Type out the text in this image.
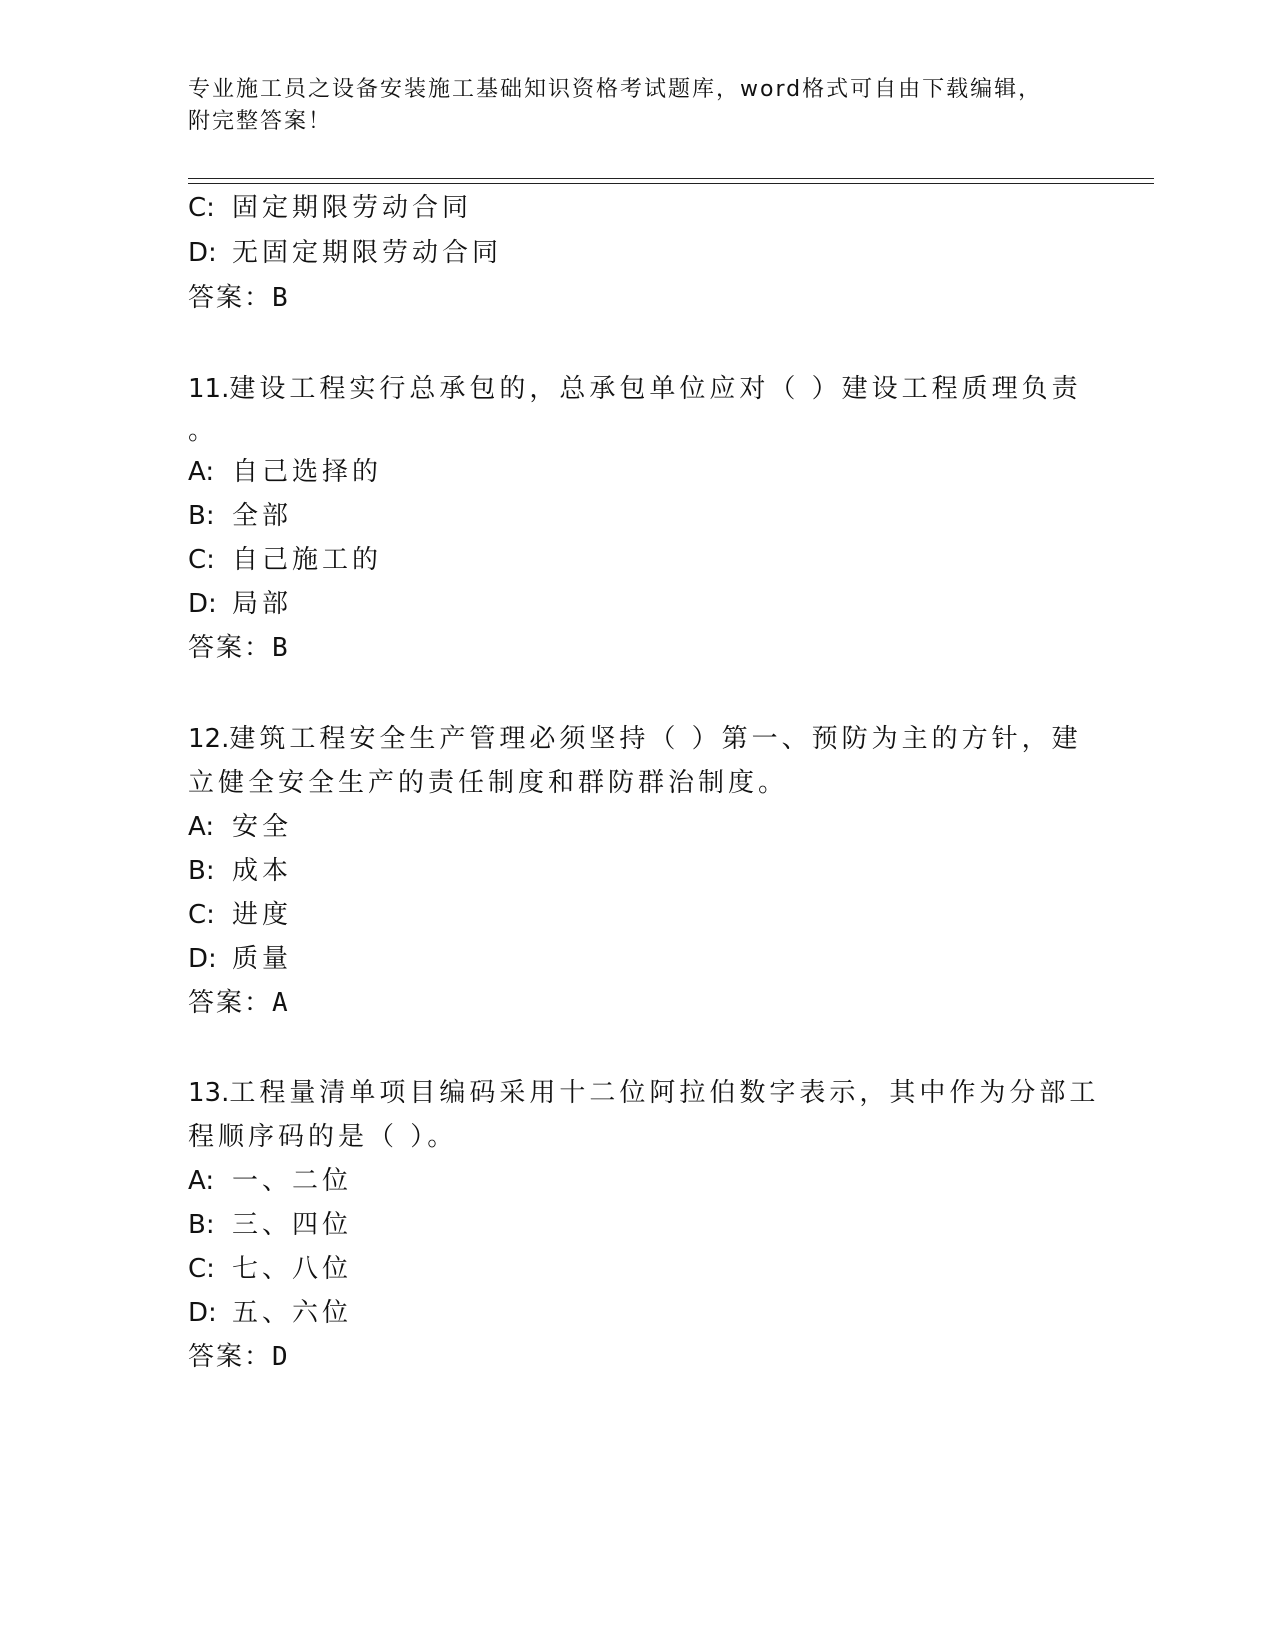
专业施工员之设备安装施工基础知识资格考试题库，word格式可自由下载编辑，
附完整答案！
C: 固定期限劳动合同
D: 无固定期限劳动合同
答案：B
11.建设工程实行总承包的，总承包单位应对（ ）建设工程质理负责
。
A: 自己选择的
B: 全部
C: 自己施工的
D: 局部
答案：B
12.建筑工程安全生产管理必须坚持（ ）第一、预防为主的方针，建
立健全安全生产的责任制度和群防群治制度。
A: 安全
B: 成本
C: 进度
D: 质量
答案：A
13.工程量清单项目编码采用十二位阿拉伯数字表示，其中作为分部工
程顺序码的是（ ）。
A: 一、二位
B: 三、四位
C: 七、八位
D: 五、六位
答案：D
